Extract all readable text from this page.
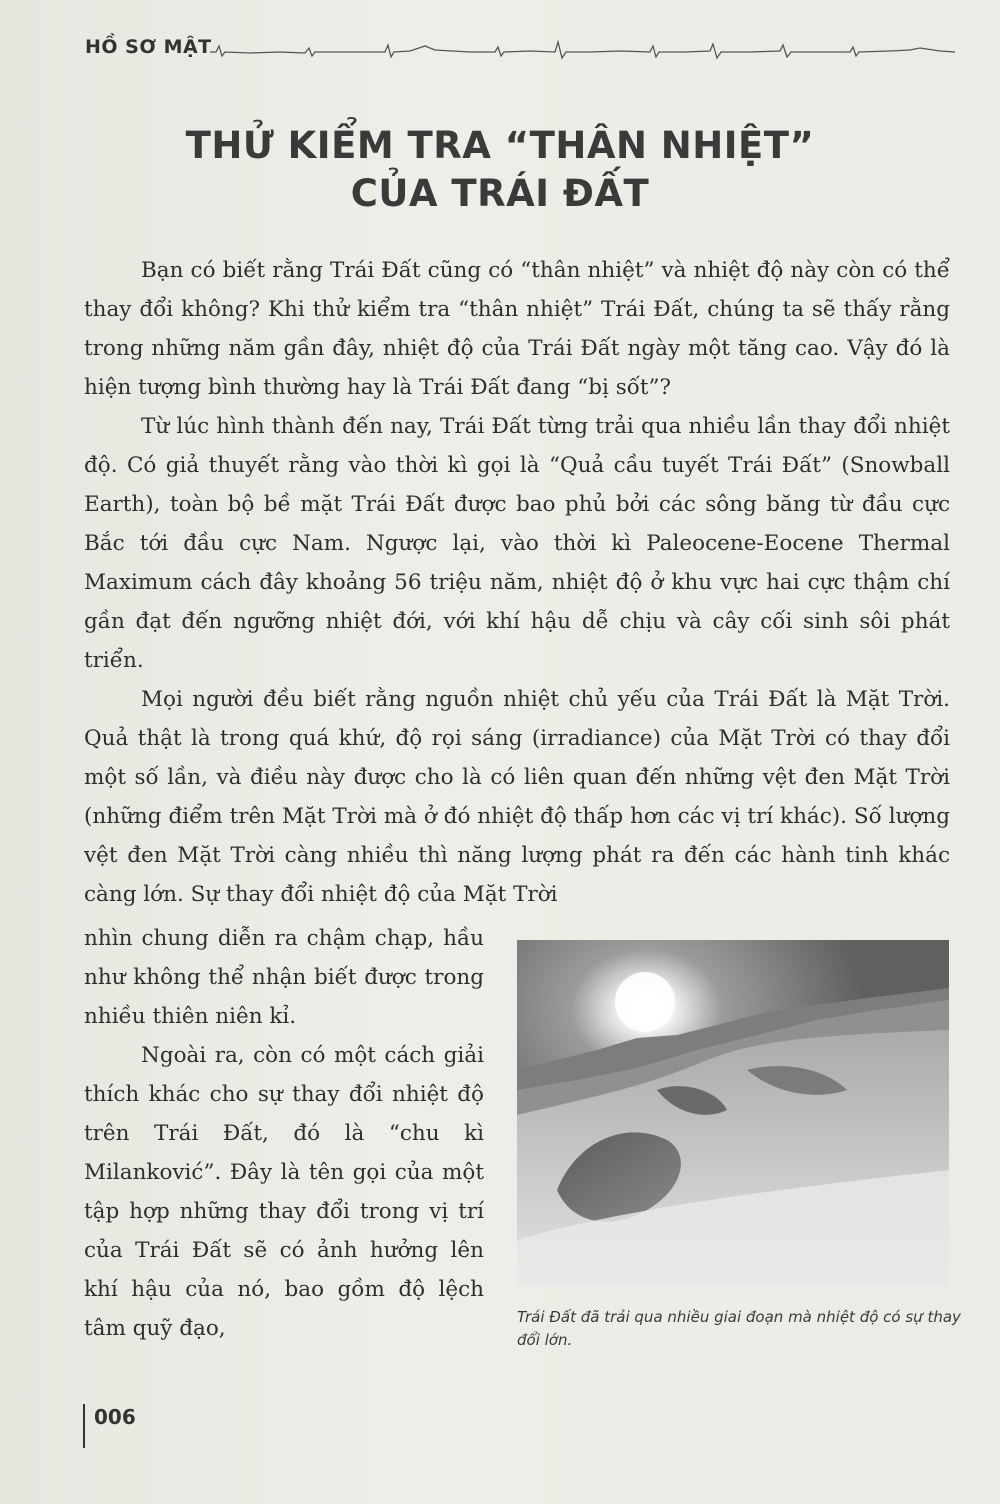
HỒ SƠ MẬT
THỬ KIỂM TRA “THÂN NHIỆT”
CỦA TRÁI ĐẤT

Bạn có biết rằng Trái Đất cũng có “thân nhiệt” và nhiệt độ này còn có thể thay đổi không? Khi thử kiểm tra “thân nhiệt” Trái Đất, chúng ta sẽ thấy rằng trong những năm gần đây, nhiệt độ của Trái Đất ngày một tăng cao. Vậy đó là hiện tượng bình thường hay là Trái Đất đang “bị sốt”?

Từ lúc hình thành đến nay, Trái Đất từng trải qua nhiều lần thay đổi nhiệt độ. Có giả thuyết rằng vào thời kì gọi là “Quả cầu tuyết Trái Đất” (Snowball Earth), toàn bộ bề mặt Trái Đất được bao phủ bởi các sông băng từ đầu cực Bắc tới đầu cực Nam. Ngược lại, vào thời kì Paleocene-Eocene Thermal Maximum cách đây khoảng 56 triệu năm, nhiệt độ ở khu vực hai cực thậm chí gần đạt đến ngưỡng nhiệt đới, với khí hậu dễ chịu và cây cối sinh sôi phát triển.

Mọi người đều biết rằng nguồn nhiệt chủ yếu của Trái Đất là Mặt Trời. Quả thật là trong quá khứ, độ rọi sáng (irradiance) của Mặt Trời có thay đổi một số lần, và điều này được cho là có liên quan đến những vệt đen Mặt Trời (những điểm trên Mặt Trời mà ở đó nhiệt độ thấp hơn các vị trí khác). Số lượng vệt đen Mặt Trời càng nhiều thì năng lượng phát ra đến các hành tinh khác càng lớn. Sự thay đổi nhiệt độ của Mặt Trời

nhìn chung diễn ra chậm chạp, hầu như không thể nhận biết được trong nhiều thiên niên kỉ.

Ngoài ra, còn có một cách giải thích khác cho sự thay đổi nhiệt độ trên Trái Đất, đó là “chu kì Milanković”. Đây là tên gọi của một tập hợp những thay đổi trong vị trí của Trái Đất sẽ có ảnh hưởng lên khí hậu của nó, bao gồm độ lệch tâm quỹ đạo,	Trái Đất đã trải qua nhiều giai đoạn mà nhiệt độ có sự thay đổi lớn.
006
